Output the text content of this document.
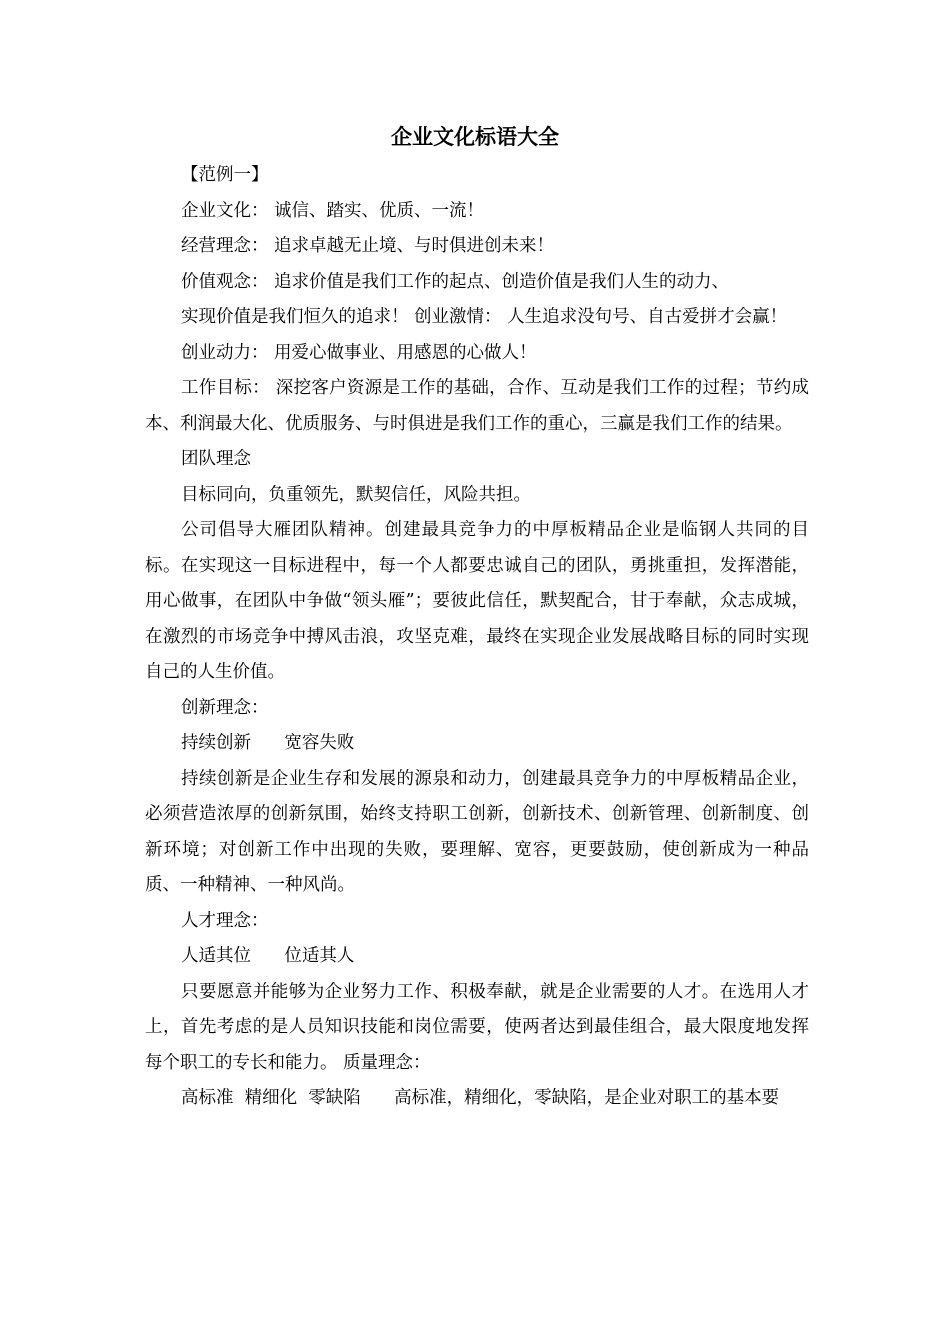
企业文化标语大全

【范例一】

企业文化： 诚信、踏实、优质、一流！

经营理念： 追求卓越无止境、与时俱进创未来！

价值观念： 追求价值是我们工作的起点、创造价值是我们人生的动力、

实现价值是我们恒久的追求！ 创业激情： 人生追求没句号、自古爱拼才会赢！

创业动力： 用爱心做事业、用感恩的心做人！

工作目标： 深挖客户资源是工作的基础，合作、互动是我们工作的过程；节约成本、利润最大化、优质服务、与时俱进是我们工作的重心，三赢是我们工作的结果。

团队理念

目标同向，负重领先，默契信任，风险共担。

公司倡导大雁团队精神。创建最具竞争力的中厚板精品企业是临钢人共同的目标。在实现这一目标进程中，每一个人都要忠诚自己的团队，勇挑重担，发挥潜能，用心做事，在团队中争做“领头雁”；要彼此信任，默契配合，甘于奉献，众志成城，在激烈的市场竞争中搏风击浪，攻坚克难，最终在实现企业发展战略目标的同时实现自己的人生价值。

创新理念：

持续创新      宽容失败

持续创新是企业生存和发展的源泉和动力，创建最具竞争力的中厚板精品企业，必须营造浓厚的创新氛围，始终支持职工创新，创新技术、创新管理、创新制度、创新环境；对创新工作中出现的失败，要理解、宽容，更要鼓励，使创新成为一种品质、一种精神、一种风尚。

人才理念：

人适其位      位适其人

只要愿意并能够为企业努力工作、积极奉献，就是企业需要的人才。在选用人才上，首先考虑的是人员知识技能和岗位需要，使两者达到最佳组合，最大限度地发挥每个职工的专长和能力。 质量理念：

高标准  精细化  零缺陷      高标准，精细化，零缺陷，是企业对职工的基本要
